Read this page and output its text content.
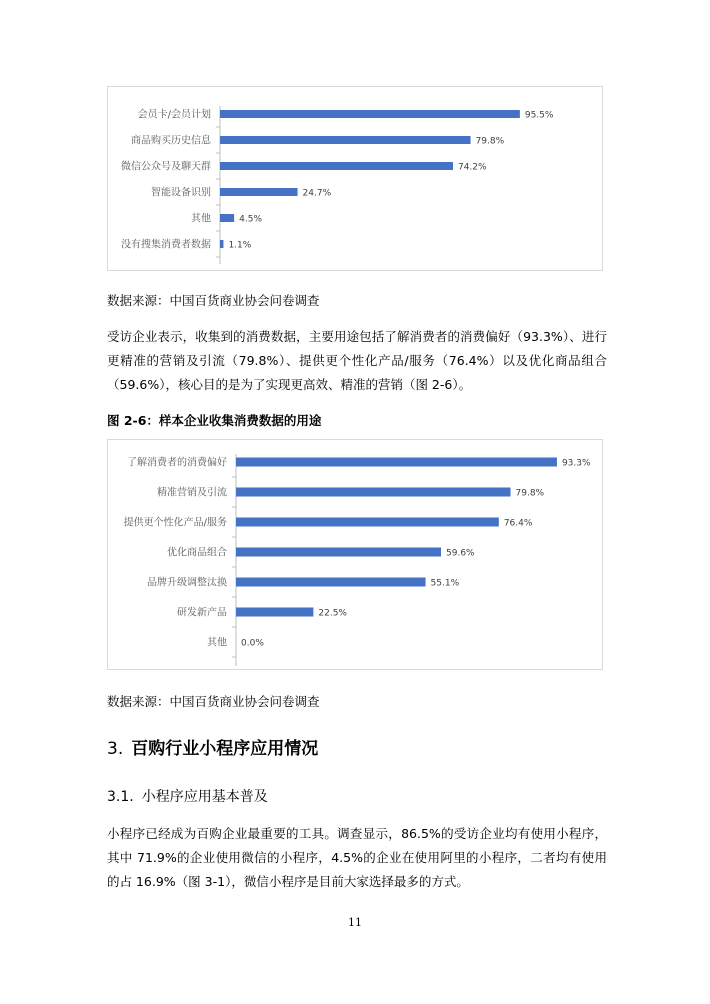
会员卡/会员计划	95.5%
商品购买历史信息	79.8%
微信公众号及聊天群	74.2%
智能设备识别	24.7%
其他	4.5%
没有搜集消费者数据 1.1%
数据来源：中国百货商业协会问卷调查
受访企业表示，收集到的消费数据，主要用途包括了解消费者的消费偏好（93.3%）、进行更精准的营销及引流（79.8%）、提供更个性化产品/服务（76.4%）以及优化商品组合（59.6%），核心目的是为了实现更高效、精准的营销（图 2-6）。
图 2-6：样本企业收集消费数据的用途
了解消费者的消费偏好	93.3%
精准营销及引流	79.8%
提供更个性化产品/服务	76.4%
优化商品组合	59.6%
品牌升级调整汰换	55.1%
研发新产品	22.5%
其他 0.0%
数据来源：中国百货商业协会问卷调查
3. 百购行业小程序应用情况
3.1. 小程序应用基本普及
小程序已经成为百购企业最重要的工具。调查显示，86.5%的受访企业均有使用小程序，其中 71.9%的企业使用微信的小程序，4.5%的企业在使用阿里的小程序，二者均有使用的占 16.9%（图 3-1），微信小程序是目前大家选择最多的方式。
11
